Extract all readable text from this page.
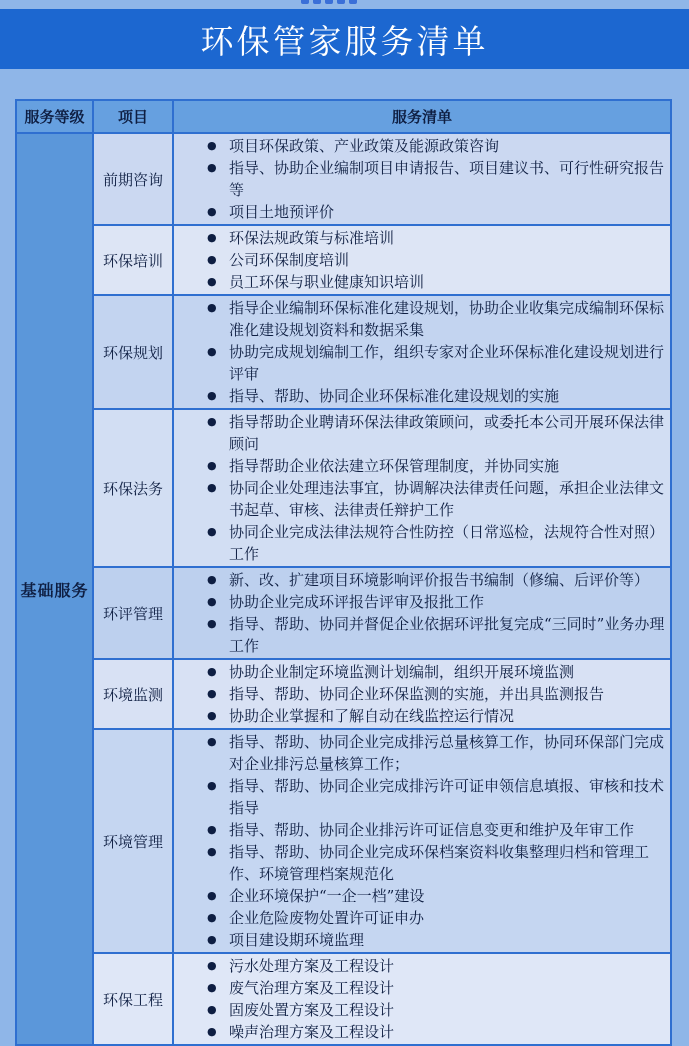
环保管家服务清单
服务等级	项目	服务清单
基础服务
前期咨询
● 项目环保政策、产业政策及能源政策咨询
● 指导、协助企业编制项目申请报告、项目建议书、可行性研究报告等
● 项目土地预评价
环保培训
● 环保法规政策与标准培训
● 公司环保制度培训
● 员工环保与职业健康知识培训
环保规划
● 指导企业编制环保标准化建设规划，协助企业收集完成编制环保标准化建设规划资料和数据采集
● 协助完成规划编制工作，组织专家对企业环保标准化建设规划进行评审
● 指导、帮助、协同企业环保标准化建设规划的实施
环保法务
● 指导帮助企业聘请环保法律政策顾问，或委托本公司开展环保法律顾问
● 指导帮助企业依法建立环保管理制度，并协同实施
● 协同企业处理违法事宜，协调解决法律责任问题，承担企业法律文书起草、审核、法律责任辩护工作
● 协同企业完成法律法规符合性防控（日常巡检，法规符合性对照）工作
环评管理
● 新、改、扩建项目环境影响评价报告书编制（修编、后评价等）
● 协助企业完成环评报告评审及报批工作
● 指导、帮助、协同并督促企业依据环评批复完成“三同时”业务办理工作
环境监测
● 协助企业制定环境监测计划编制，组织开展环境监测
● 指导、帮助、协同企业环保监测的实施，并出具监测报告
● 协助企业掌握和了解自动在线监控运行情况
环境管理
● 指导、帮助、协同企业完成排污总量核算工作，协同环保部门完成对企业排污总量核算工作；
● 指导、帮助、协同企业完成排污许可证申领信息填报、审核和技术指导
● 指导、帮助、协同企业排污许可证信息变更和维护及年审工作
● 指导、帮助、协同企业完成环保档案资料收集整理归档和管理工作、环境管理档案规范化
● 企业环境保护“一企一档”建设
● 企业危险废物处置许可证申办
● 项目建设期环境监理
环保工程
● 污水处理方案及工程设计
● 废气治理方案及工程设计
● 固废处置方案及工程设计
● 噪声治理方案及工程设计
